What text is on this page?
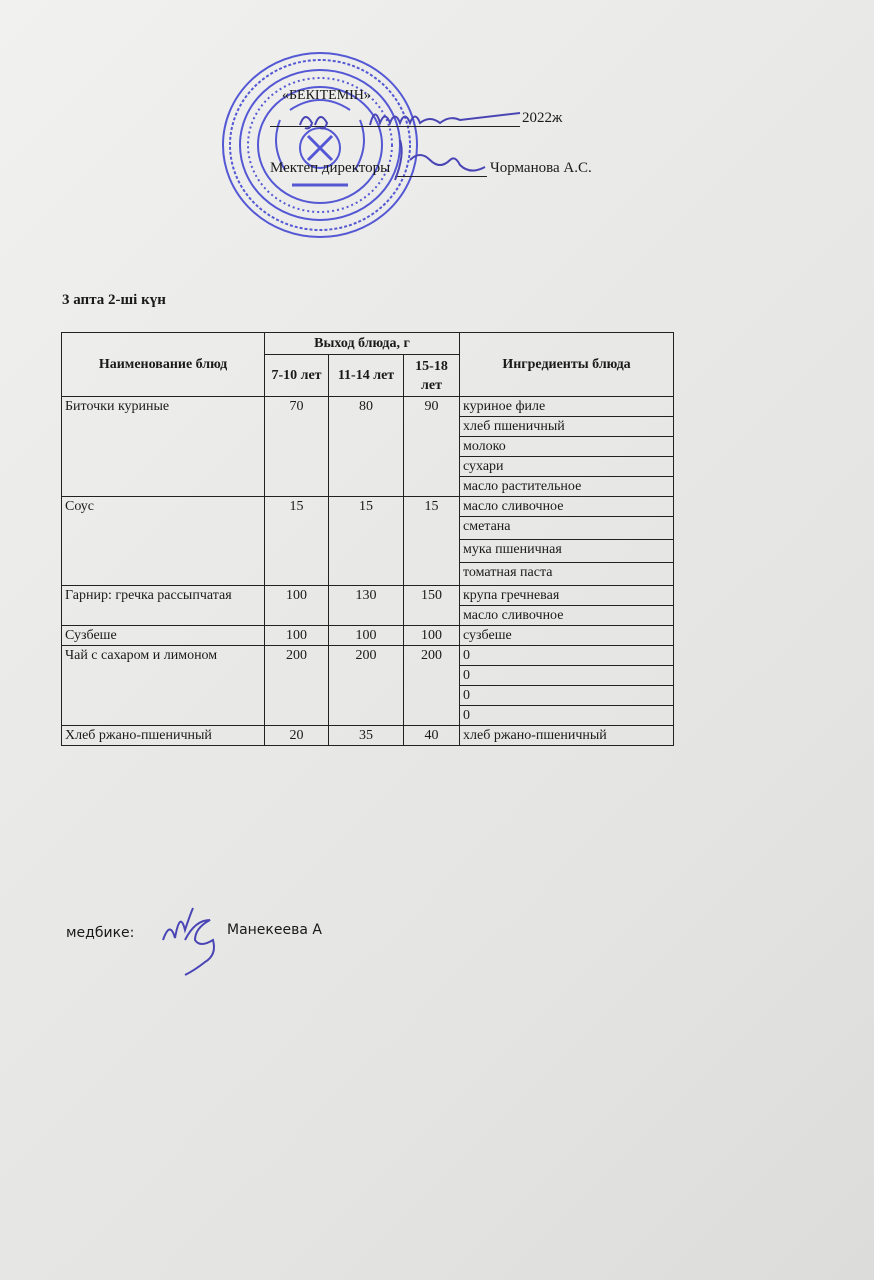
«БЕКІТЕМІН»
2022ж
Мектеп директоры	Чорманова А.С.
3 апта 2-ші күн
Наименование блюд	Выход блюда, г			Ингредиенты блюда
	7-10 лет	11-14 лет	15-18 лет	
Биточки куриные	70	80	90	куриное филе
				хлеб пшеничный
				молоко
				сухари
				масло растительное
Соус	15	15	15	масло сливочное
				сметана
				мука пшеничная
				томатная паста
Гарнир: гречка рассыпчатая	100	130	150	крупа гречневая
				масло сливочное
Сузбеше	100	100	100	сузбеше
Чай с сахаром и лимоном	200	200	200	0
				0
				0
				0
Хлеб ржано-пшеничный	20	35	40	хлеб ржано-пшеничный
медбике:	Манекеева А
